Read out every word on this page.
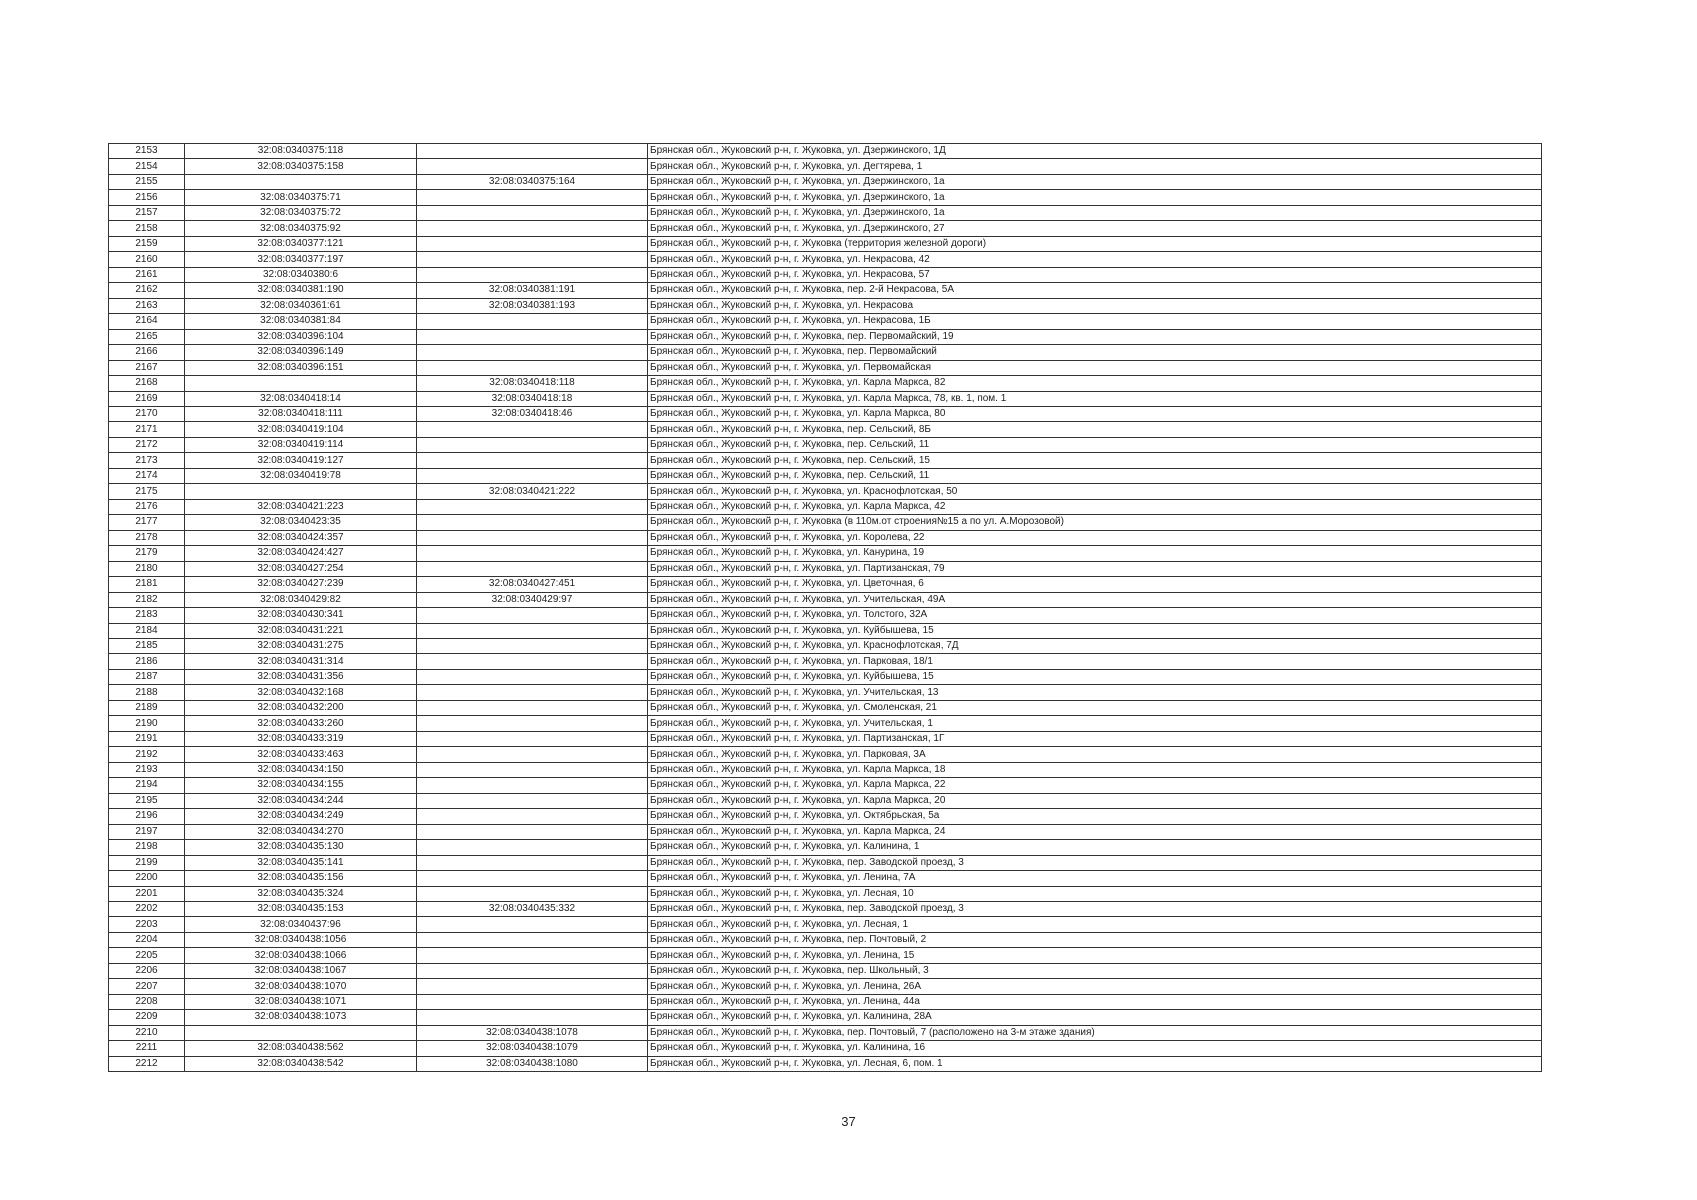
2153	32:08:0340375:118		Брянская обл., Жуковский р-н, г. Жуковка, ул. Дзержинского, 1Д
2154	32:08:0340375:158		Брянская обл., Жуковский р-н, г. Жуковка, ул. Дегтярева, 1
2155		32:08:0340375:164	Брянская обл., Жуковский р-н, г. Жуковка, ул. Дзержинского, 1а
2156	32:08:0340375:71		Брянская обл., Жуковский р-н, г. Жуковка, ул. Дзержинского, 1а
2157	32:08:0340375:72		Брянская обл., Жуковский р-н, г. Жуковка, ул. Дзержинского, 1а
2158	32:08:0340375:92		Брянская обл., Жуковский р-н, г. Жуковка, ул. Дзержинского, 27
2159	32:08:0340377:121		Брянская обл., Жуковский р-н, г. Жуковка (территория железной дороги)
2160	32:08:0340377:197		Брянская обл., Жуковский р-н, г. Жуковка, ул. Некрасова, 42
2161	32:08:0340380:6		Брянская обл., Жуковский р-н, г. Жуковка, ул. Некрасова, 57
2162	32:08:0340381:190	32:08:0340381:191	Брянская обл., Жуковский р-н, г. Жуковка, пер. 2-й Некрасова, 5А
2163	32:08:0340361:61	32:08:0340381:193	Брянская обл., Жуковский р-н, г. Жуковка, ул. Некрасова
2164	32:08:0340381:84		Брянская обл., Жуковский р-н, г. Жуковка, ул. Некрасова, 1Б
2165	32:08:0340396:104		Брянская обл., Жуковский р-н, г. Жуковка, пер. Первомайский, 19
2166	32:08:0340396:149		Брянская обл., Жуковский р-н, г. Жуковка, пер. Первомайский
2167	32:08:0340396:151		Брянская обл., Жуковский р-н, г. Жуковка, ул. Первомайская
2168		32:08:0340418:118	Брянская обл., Жуковский р-н, г. Жуковка, ул. Карла Маркса, 82
2169	32:08:0340418:14	32:08:0340418:18	Брянская обл., Жуковский р-н, г. Жуковка, ул. Карла Маркса, 78, кв. 1, пом. 1
2170	32:08:0340418:111	32:08:0340418:46	Брянская обл., Жуковский р-н, г. Жуковка, ул. Карла Маркса, 80
2171	32:08:0340419:104		Брянская обл., Жуковский р-н, г. Жуковка, пер. Сельский, 8Б
2172	32:08:0340419:114		Брянская обл., Жуковский р-н, г. Жуковка, пер. Сельский, 11
2173	32:08:0340419:127		Брянская обл., Жуковский р-н, г. Жуковка, пер. Сельский, 15
2174	32:08:0340419:78		Брянская обл., Жуковский р-н, г. Жуковка, пер. Сельский, 11
2175		32:08:0340421:222	Брянская обл., Жуковский р-н, г. Жуковка, ул. Краснофлотская, 50
2176	32:08:0340421:223		Брянская обл., Жуковский р-н, г. Жуковка, ул. Карла Маркса, 42
2177	32:08:0340423:35		Брянская обл., Жуковский р-н, г. Жуковка (в 110м.от строения№15 а по ул. А.Морозовой)
2178	32:08:0340424:357		Брянская обл., Жуковский р-н, г. Жуковка, ул. Королева, 22
2179	32:08:0340424:427		Брянская обл., Жуковский р-н, г. Жуковка, ул. Канурина, 19
2180	32:08:0340427:254		Брянская обл., Жуковский р-н, г. Жуковка, ул. Партизанская, 79
2181	32:08:0340427:239	32:08:0340427:451	Брянская обл., Жуковский р-н, г. Жуковка, ул. Цветочная, 6
2182	32:08:0340429:82	32:08:0340429:97	Брянская обл., Жуковский р-н, г. Жуковка, ул. Учительская, 49А
2183	32:08:0340430:341		Брянская обл., Жуковский р-н, г. Жуковка, ул. Толстого, 32А
2184	32:08:0340431:221		Брянская обл., Жуковский р-н, г. Жуковка, ул. Куйбышева, 15
2185	32:08:0340431:275		Брянская обл., Жуковский р-н, г. Жуковка, ул. Краснофлотская, 7Д
2186	32:08:0340431:314		Брянская обл., Жуковский р-н, г. Жуковка, ул. Парковая, 18/1
2187	32:08:0340431:356		Брянская обл., Жуковский р-н, г. Жуковка, ул. Куйбышева, 15
2188	32:08:0340432:168		Брянская обл., Жуковский р-н, г. Жуковка, ул. Учительская, 13
2189	32:08:0340432:200		Брянская обл., Жуковский р-н, г. Жуковка, ул. Смоленская, 21
2190	32:08:0340433:260		Брянская обл., Жуковский р-н, г. Жуковка, ул. Учительская, 1
2191	32:08:0340433:319		Брянская обл., Жуковский р-н, г. Жуковка, ул. Партизанская, 1Г
2192	32:08:0340433:463		Брянская обл., Жуковский р-н, г. Жуковка, ул. Парковая, 3А
2193	32:08:0340434:150		Брянская обл., Жуковский р-н, г. Жуковка, ул. Карла Маркса, 18
2194	32:08:0340434:155		Брянская обл., Жуковский р-н, г. Жуковка, ул. Карла Маркса, 22
2195	32:08:0340434:244		Брянская обл., Жуковский р-н, г. Жуковка, ул. Карла Маркса, 20
2196	32:08:0340434:249		Брянская обл., Жуковский р-н, г. Жуковка, ул. Октябрьская, 5а
2197	32:08:0340434:270		Брянская обл., Жуковский р-н, г. Жуковка, ул. Карла Маркса, 24
2198	32:08:0340435:130		Брянская обл., Жуковский р-н, г. Жуковка, ул. Калинина, 1
2199	32:08:0340435:141		Брянская обл., Жуковский р-н, г. Жуковка, пер. Заводской проезд, 3
2200	32:08:0340435:156		Брянская обл., Жуковский р-н, г. Жуковка, ул. Ленина, 7А
2201	32:08:0340435:324		Брянская обл., Жуковский р-н, г. Жуковка, ул. Лесная, 10
2202	32:08:0340435:153	32:08:0340435:332	Брянская обл., Жуковский р-н, г. Жуковка, пер. Заводской проезд, 3
2203	32:08:0340437:96		Брянская обл., Жуковский р-н, г. Жуковка, ул. Лесная, 1
2204	32:08:0340438:1056		Брянская обл., Жуковский р-н, г. Жуковка, пер. Почтовый, 2
2205	32:08:0340438:1066		Брянская обл., Жуковский р-н, г. Жуковка, ул. Ленина, 15
2206	32:08:0340438:1067		Брянская обл., Жуковский р-н, г. Жуковка, пер. Школьный, 3
2207	32:08:0340438:1070		Брянская обл., Жуковский р-н, г. Жуковка, ул. Ленина, 26А
2208	32:08:0340438:1071		Брянская обл., Жуковский р-н, г. Жуковка, ул. Ленина, 44а
2209	32:08:0340438:1073		Брянская обл., Жуковский р-н, г. Жуковка, ул. Калинина, 28А
2210		32:08:0340438:1078	Брянская обл., Жуковский р-н, г. Жуковка, пер. Почтовый, 7 (расположено на 3-м этаже здания)
2211	32:08:0340438:562	32:08:0340438:1079	Брянская обл., Жуковский р-н, г. Жуковка, ул. Калинина, 16
2212	32:08:0340438:542	32:08:0340438:1080	Брянская обл., Жуковский р-н, г. Жуковка, ул. Лесная, 6, пом. 1
37
